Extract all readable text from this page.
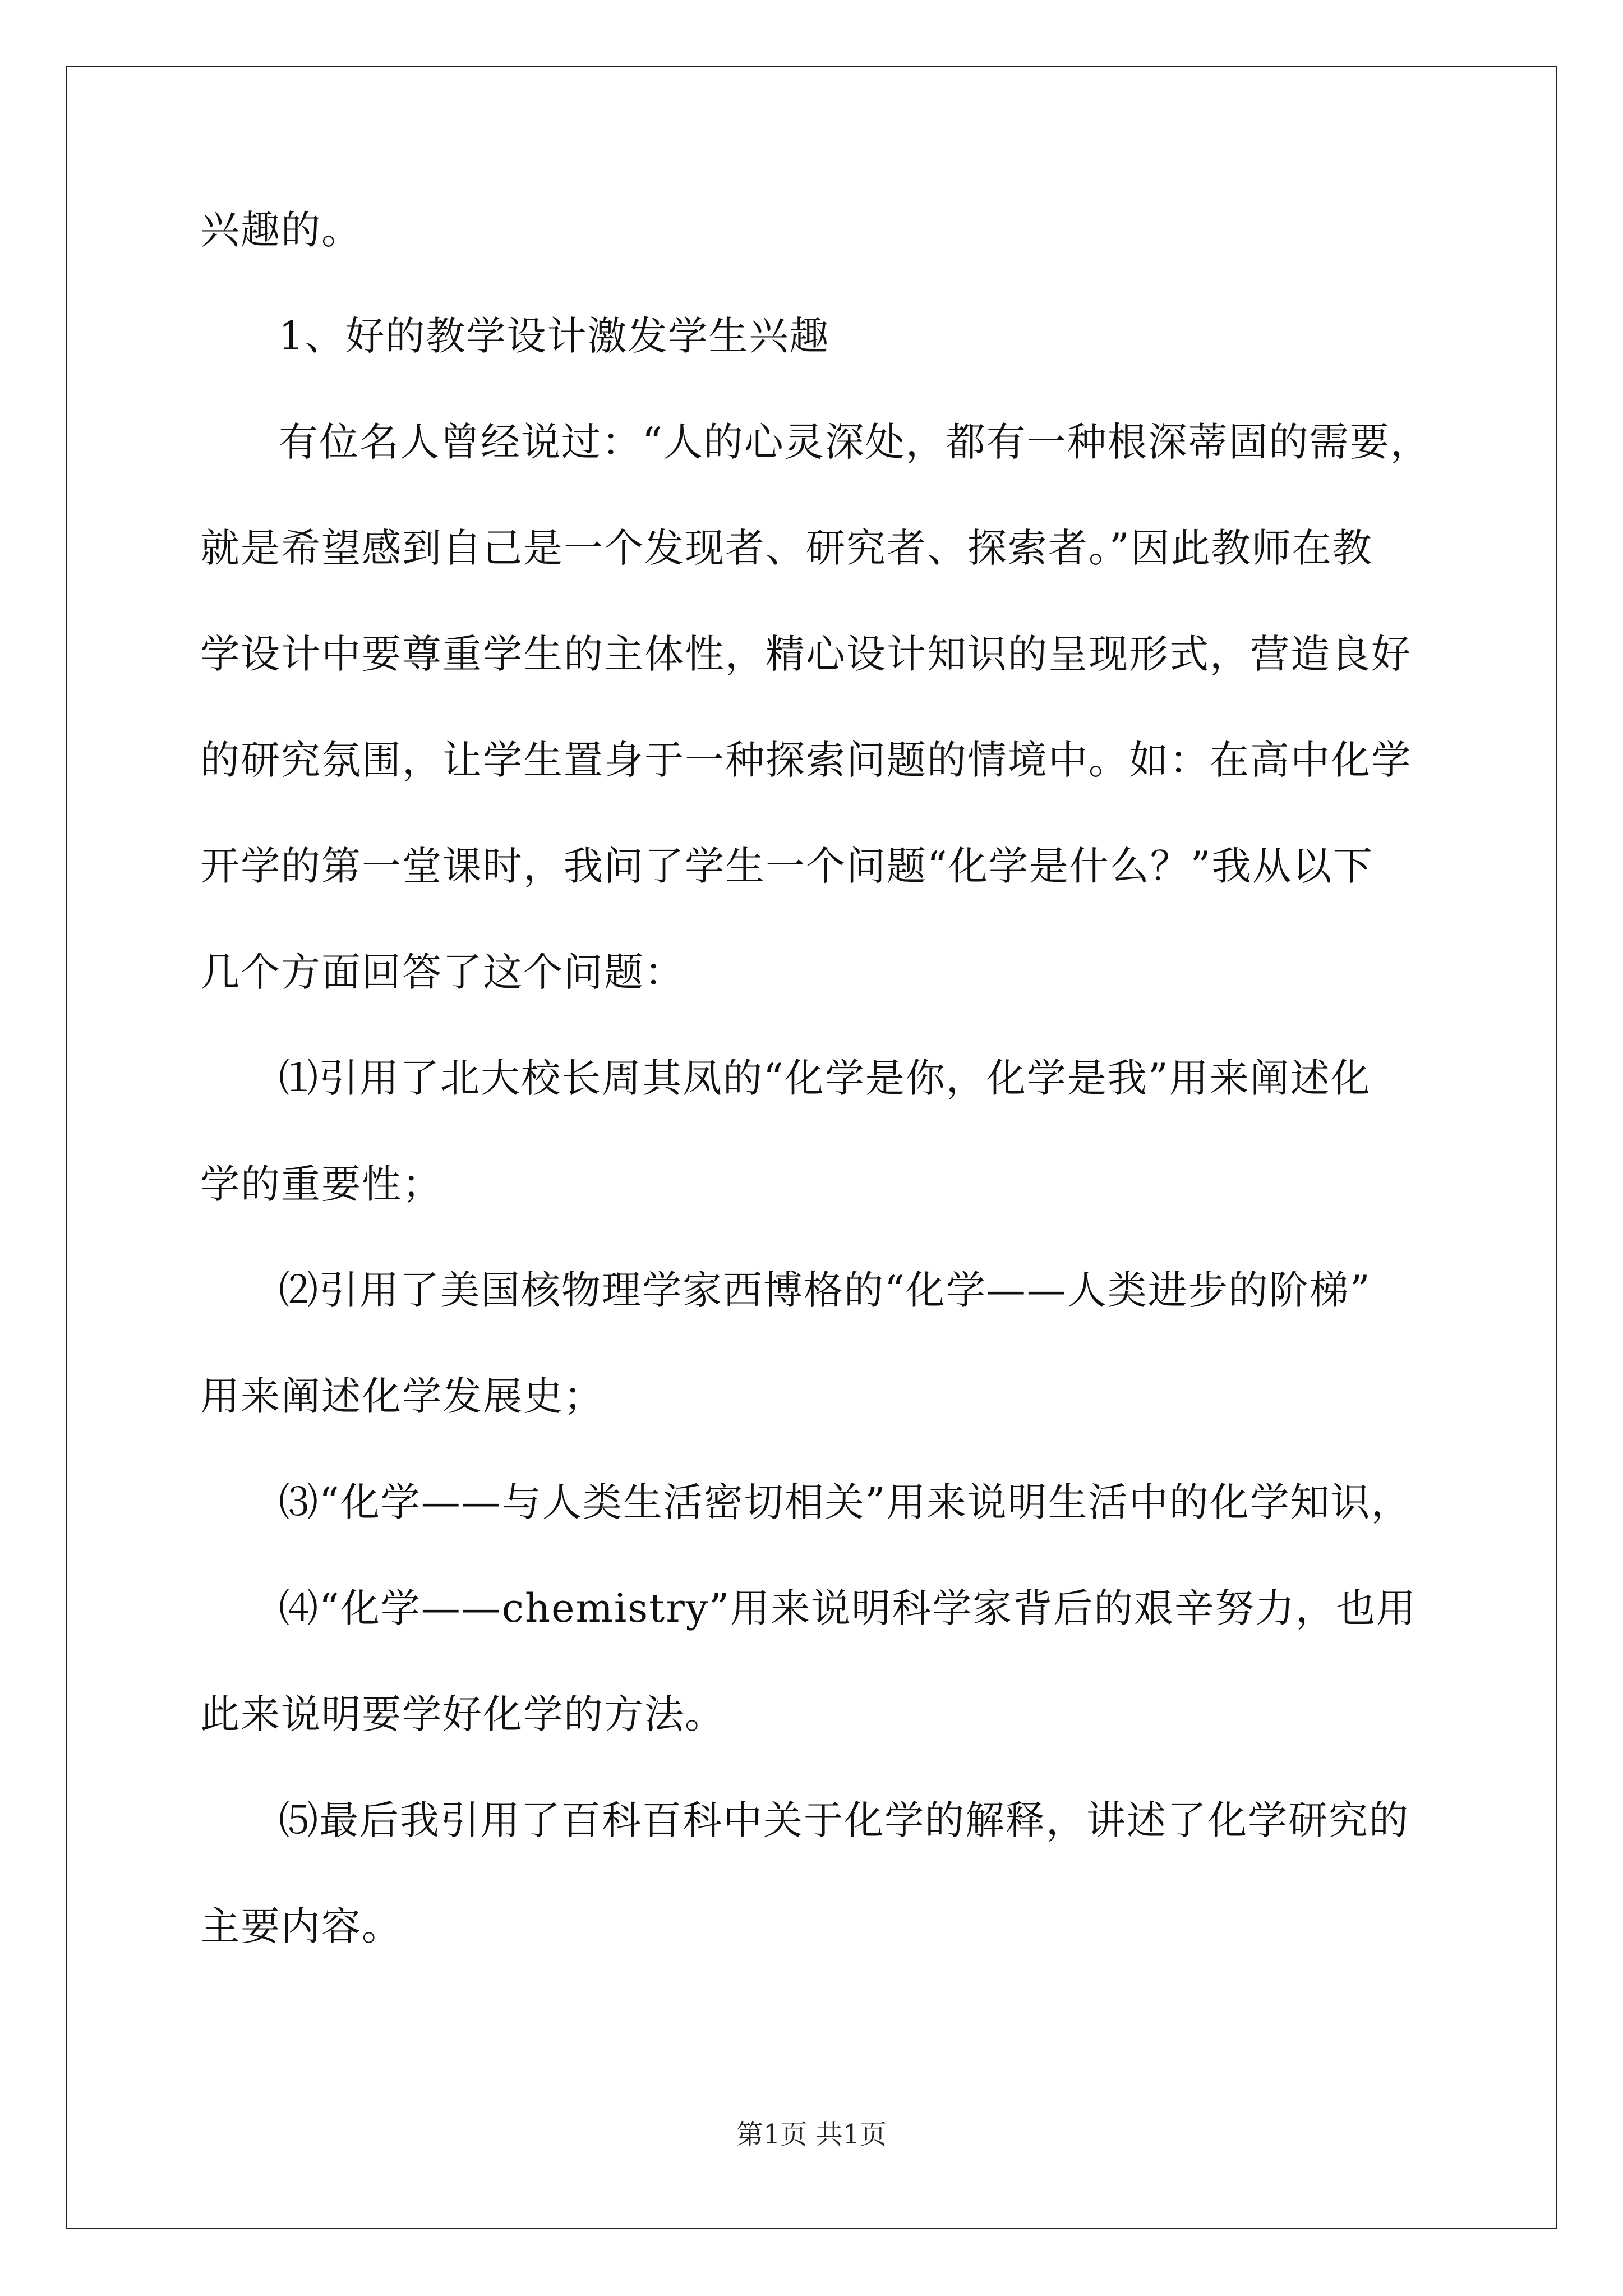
兴趣的。
1、好的教学设计激发学生兴趣
有位名人曾经说过：“人的心灵深处，都有一种根深蒂固的需要，
就是希望感到自己是一个发现者、研究者、探索者。”因此教师在教
学设计中要尊重学生的主体性，精心设计知识的呈现形式，营造良好
的研究氛围，让学生置身于一种探索问题的情境中。如：在高中化学
开学的第一堂课时，我问了学生一个问题“化学是什么？”我从以下
几个方面回答了这个问题：
⑴引用了北大校长周其凤的“化学是你，化学是我”用来阐述化
学的重要性；
⑵引用了美国核物理学家西博格的“化学——人类进步的阶梯”
用来阐述化学发展史；
⑶“化学——与人类生活密切相关”用来说明生活中的化学知识，
⑷“化学——chemistry”用来说明科学家背后的艰辛努力，也用
此来说明要学好化学的方法。
⑸最后我引用了百科百科中关于化学的解释，讲述了化学研究的
主要内容。
第1页 共1页
